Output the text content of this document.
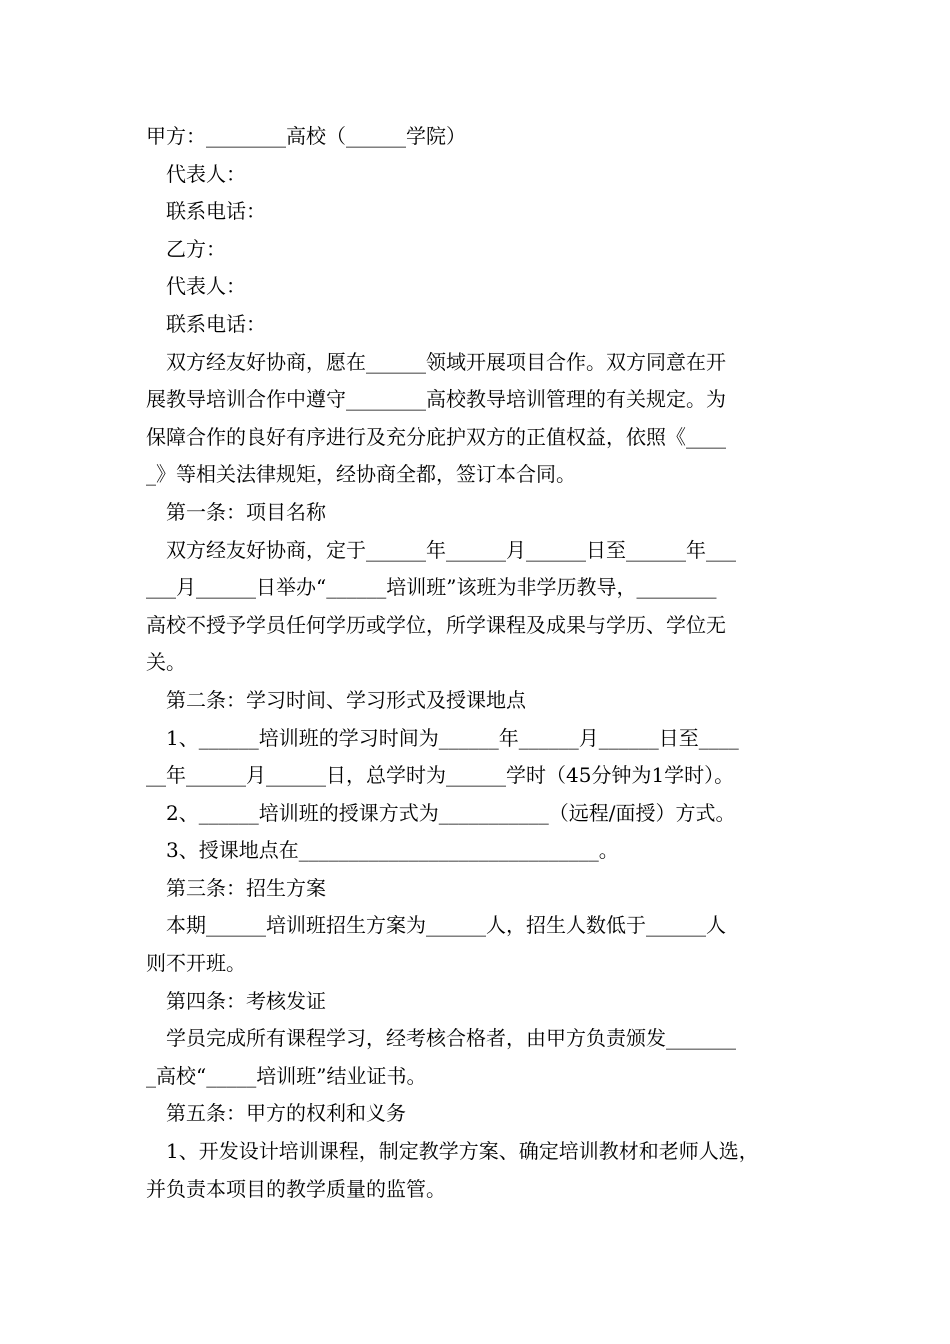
甲方：________高校（______学院）
代表人：
联系电话：
乙方：
代表人：
联系电话：
双方经友好协商，愿在______领域开展项目合作。双方同意在开
展教导培训合作中遵守________高校教导培训管理的有关规定。为
保障合作的良好有序进行及充分庇护双方的正值权益，依照《____
_》等相关法律规矩，经协商全都，签订本合同。
第一条：项目名称
双方经友好协商，定于______年______月______日至______年___
___月______日举办“______培训班”该班为非学历教导，________
高校不授予学员任何学历或学位，所学课程及成果与学历、学位无
关。
第二条：学习时间、学习形式及授课地点
1、______培训班的学习时间为______年______月______日至____
__年______月______日，总学时为______学时（45分钟为1学时）。
2、______培训班的授课方式为___________（远程/面授）方式。
3、授课地点在______________________________。
第三条：招生方案
本期______培训班招生方案为______人，招生人数低于______人
则不开班。
第四条：考核发证
学员完成所有课程学习，经考核合格者，由甲方负责颁发_______
_高校“_____培训班”结业证书。
第五条：甲方的权利和义务
1、开发设计培训课程，制定教学方案、确定培训教材和老师人选，
并负责本项目的教学质量的监管。
